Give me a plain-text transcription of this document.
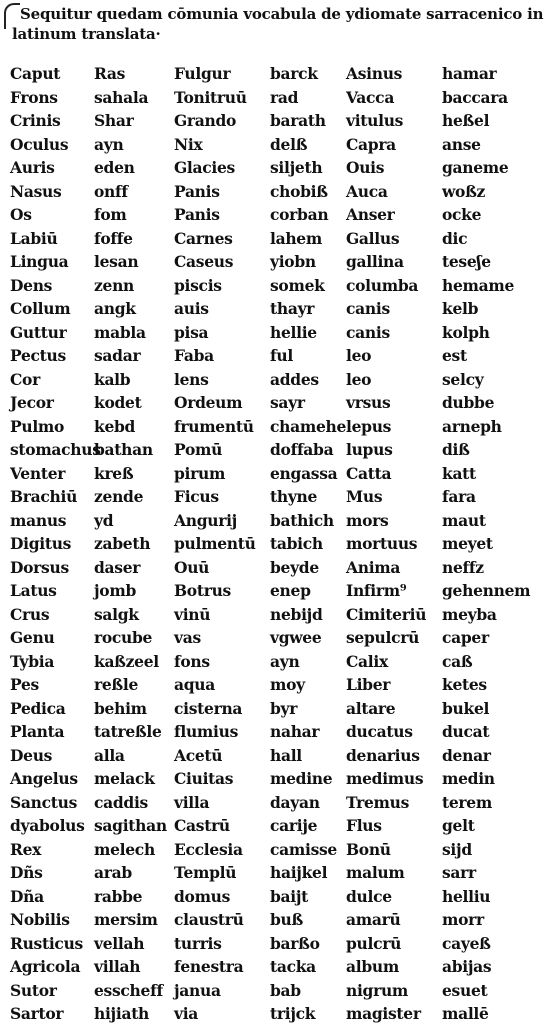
Sequitur quedam cōmunia vocabula de ydiomate sarracenico in
latinum translata·
Caput
Frons
Crinis
Oculus
Auris
Nasus
Os
Labiū
Lingua
Dens
Collum
Guttur
Pectus
Cor
Jecor
Pulmo
stomachus
Venter
Brachiū
manus
Digitus
Dorsus
Latus
Crus
Genu
Tybia
Pes
Pedica
Planta
Deus
Angelus
Sanctus
dyabolus
Rex
Dñs
Dña
Nobilis
Rusticus
Agricola
Sutor
Sartor
Ras
sahala
Shar
ayn
eden
onff
fom
foffe
lesan
zenn
angk
mabla
sadar
kalb
kodet
kebd
bathan
kreß
zende
yd
zabeth
daser
jomb
salgk
rocube
kaßzeel
reßle
behim
tatreßle
alla
melack
caddis
sagithan
melech
arab
rabbe
mersim
vellah
villah
esscheff
hijiath
Fulgur
Tonitruū
Grando
Nix
Glacies
Panis
Panis
Carnes
Caseus
piscis
auis
pisa
Faba
lens
Ordeum
frumentū
Pomū
pirum
Ficus
Angurij
pulmentū
Ouū
Botrus
vinū
vas
fons
aqua
cisterna
flumius
Acetū
Ciuitas
villa
Castrū
Ecclesia
Templū
domus
claustrū
turris
fenestra
janua
via
barck
rad
barath
delß
siljeth
chobiß
corban
lahem
yiobn
somek
thayr
hellie
ful
addes
sayr
chamehe
doffaba
engassa
thyne
bathich
tabich
beyde
enep
nebijd
vgwee
ayn
moy
byr
nahar
hall
medine
dayan
carije
camisse
haijkel
baijt
buß
barßo
tacka
bab
trijck
Asinus
Vacca
vitulus
Capra
Ouis
Auca
Anser
Gallus
gallina
columba
canis
canis
leo
leo
vrsus
lepus
lupus
Catta
Mus
mors
mortuus
Anima
Infirm⁹
Cimiteriū
sepulcrū
Calix
Liber
altare
ducatus
denarius
medimus
Tremus
Flus
Bonū
malum
dulce
amarū
pulcrū
album
nigrum
magister
hamar
baccara
heßel
anse
ganeme
woßz
ocke
dic
teseʃe
hemame
kelb
kolph
est
selcy
dubbe
arneph
diß
katt
fara
maut
meyet
neffz
gehennem
meyba
caper
caß
ketes
bukel
ducat
denar
medin
terem
gelt
sijd
sarr
helliu
morr
cayeß
abijas
esuet
mallē
